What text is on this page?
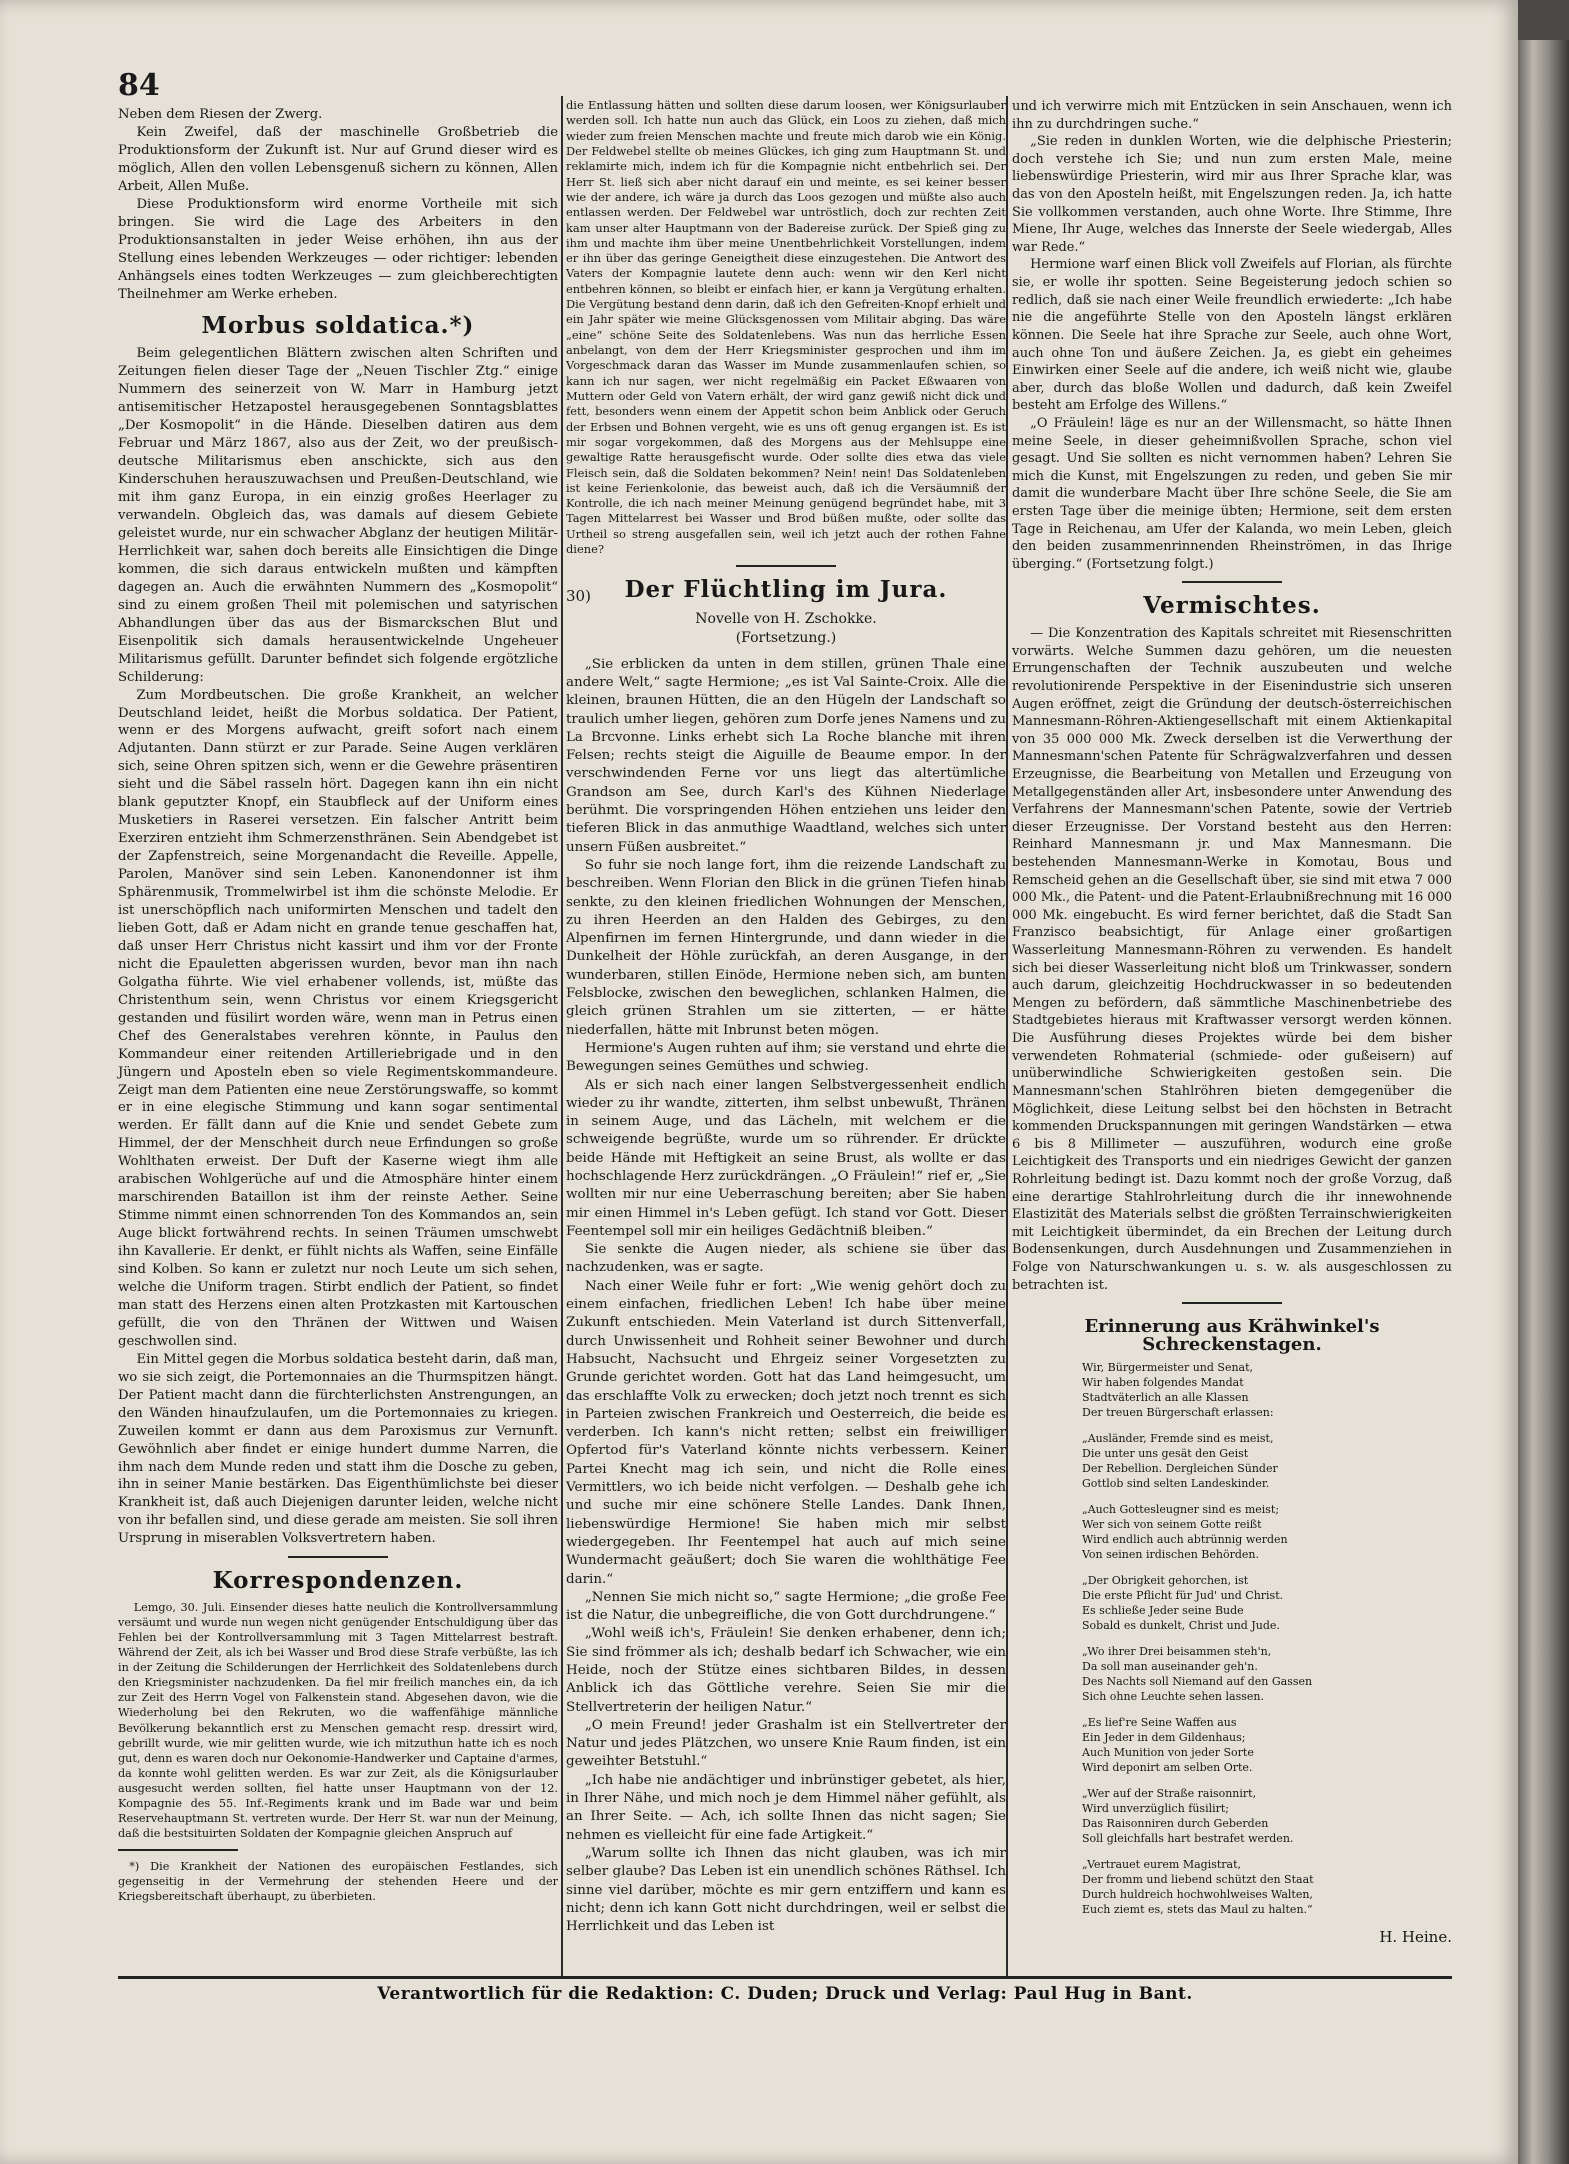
84

Neben dem Riesen der Zwerg.

Kein Zweifel, daß der maschinelle Großbetrieb die Produktionsform der Zukunft ist. Nur auf Grund dieser wird es möglich, Allen den vollen Lebensgenuß sichern zu können, Allen Arbeit, Allen Muße.

Diese Produktionsform wird enorme Vortheile mit sich bringen. Sie wird die Lage des Arbeiters in den Produktionsanstalten in jeder Weise erhöhen, ihn aus der Stellung eines lebenden Werkzeuges — oder richtiger: lebenden Anhängsels eines todten Werkzeuges — zum gleichberechtigten Theilnehmer am Werke erheben.

Morbus soldatica.*)

Beim gelegentlichen Blättern zwischen alten Schriften und Zeitungen fielen dieser Tage der „Neuen Tischler Ztg.“ einige Nummern des seinerzeit von W. Marr in Hamburg jetzt antisemitischer Hetzapostel herausgegebenen Sonntagsblattes „Der Kosmopolit“ in die Hände. Dieselben datiren aus dem Februar und März 1867, also aus der Zeit, wo der preußisch-deutsche Militarismus eben anschickte, sich aus den Kinderschuhen herauszuwachsen und Preußen-Deutschland, wie mit ihm ganz Europa, in ein einzig großes Heerlager zu verwandeln. Obgleich das, was damals auf diesem Gebiete geleistet wurde, nur ein schwacher Abglanz der heutigen Militär-Herrlichkeit war, sahen doch bereits alle Einsichtigen die Dinge kommen, die sich daraus entwickeln mußten und kämpften dagegen an. Auch die erwähnten Nummern des „Kosmopolit“ sind zu einem großen Theil mit polemischen und satyrischen Abhandlungen über das aus der Bismarckschen Blut und Eisenpolitik sich damals herausentwickelnde Ungeheuer Militarismus gefüllt. Darunter befindet sich folgende ergötzliche Schilderung:

Zum Mordbeutschen. Die große Krankheit, an welcher Deutschland leidet, heißt die Morbus soldatica. Der Patient, wenn er des Morgens aufwacht, greift sofort nach einem Adjutanten. Dann stürzt er zur Parade. Seine Augen verklären sich, seine Ohren spitzen sich, wenn er die Gewehre präsentiren sieht und die Säbel rasseln hört. Dagegen kann ihn ein nicht blank geputzter Knopf, ein Staubfleck auf der Uniform eines Musketiers in Raserei versetzen. Ein falscher Antritt beim Exerziren entzieht ihm Schmerzensthränen. Sein Abendgebet ist der Zapfenstreich, seine Morgenandacht die Reveille. Appelle, Parolen, Manöver sind sein Leben. Kanonendonner ist ihm Sphärenmusik, Trommelwirbel ist ihm die schönste Melodie. Er ist unerschöpflich nach uniformirten Menschen und tadelt den lieben Gott, daß er Adam nicht en grande tenue geschaffen hat, daß unser Herr Christus nicht kassirt und ihm vor der Fronte nicht die Epauletten abgerissen wurden, bevor man ihn nach Golgatha führte. Wie viel erhabener vollends, ist, müßte das Christenthum sein, wenn Christus vor einem Kriegsgericht gestanden und füsilirt worden wäre, wenn man in Petrus einen Chef des Generalstabes verehren könnte, in Paulus den Kommandeur einer reitenden Artilleriebrigade und in den Jüngern und Aposteln eben so viele Regimentskommandeure. Zeigt man dem Patienten eine neue Zerstörungswaffe, so kommt er in eine elegische Stimmung und kann sogar sentimental werden. Er fällt dann auf die Knie und sendet Gebete zum Himmel, der der Menschheit durch neue Erfindungen so große Wohlthaten erweist. Der Duft der Kaserne wiegt ihm alle arabischen Wohlgerüche auf und die Atmosphäre hinter einem marschirenden Bataillon ist ihm der reinste Aether. Seine Stimme nimmt einen schnorrenden Ton des Kommandos an, sein Auge blickt fortwährend rechts. In seinen Träumen umschwebt ihn Kavallerie. Er denkt, er fühlt nichts als Waffen, seine Einfälle sind Kolben. So kann er zuletzt nur noch Leute um sich sehen, welche die Uniform tragen. Stirbt endlich der Patient, so findet man statt des Herzens einen alten Protzkasten mit Kartouschen gefüllt, die von den Thränen der Wittwen und Waisen geschwollen sind.

Ein Mittel gegen die Morbus soldatica besteht darin, daß man, wo sie sich zeigt, die Portemonnaies an die Thurmspitzen hängt. Der Patient macht dann die fürchterlichsten Anstrengungen, an den Wänden hinaufzulaufen, um die Portemonnaies zu kriegen. Zuweilen kommt er dann aus dem Paroxismus zur Vernunft. Gewöhnlich aber findet er einige hundert dumme Narren, die ihm nach dem Munde reden und statt ihm die Dosche zu geben, ihn in seiner Manie bestärken. Das Eigenthümlichste bei dieser Krankheit ist, daß auch Diejenigen darunter leiden, welche nicht von ihr befallen sind, und diese gerade am meisten. Sie soll ihren Ursprung in miserablen Volksvertretern haben.

Korrespondenzen.

Lemgo, 30. Juli. Einsender dieses hatte neulich die Kontrollversammlung versäumt und wurde nun wegen nicht genügender Entschuldigung über das Fehlen bei der Kontrollversammlung mit 3 Tagen Mittelarrest bestraft. Während der Zeit, als ich bei Wasser und Brod diese Strafe verbüßte, las ich in der Zeitung die Schilderungen der Herrlichkeit des Soldatenlebens durch den Kriegsminister nachzudenken. Da fiel mir freilich manches ein, da ich zur Zeit des Herrn Vogel von Falkenstein stand. Abgesehen davon, wie die Wiederholung bei den Rekruten, wo die waffenfähige männliche Bevölkerung bekanntlich erst zu Menschen gemacht resp. dressirt wird, gebrillt wurde, wie mir gelitten wurde, wie ich mitzuthun hatte ich es noch gut, denn es waren doch nur Oekonomie-Handwerker und Captaine d'armes, da konnte wohl gelitten werden. Es war zur Zeit, als die Königsurlauber ausgesucht werden sollten, fiel hatte unser Hauptmann von der 12. Kompagnie des 55. Inf.-Regiments krank und im Bade war und beim Reservehauptmann St. vertreten wurde. Der Herr St. war nun der Meinung, daß die bestsituirten Soldaten der Kompagnie gleichen Anspruch auf

*) Die Krankheit der Nationen des europäischen Festlandes, sich gegenseitig in der Vermehrung der stehenden Heere und der Kriegsbereitschaft überhaupt, zu überbieten.

die Entlassung hätten und sollten diese darum loosen, wer Königsurlauber werden soll. Ich hatte nun auch das Glück, ein Loos zu ziehen, daß mich wieder zum freien Menschen machte und freute mich darob wie ein König. Der Feldwebel stellte ob meines Glückes, ich ging zum Hauptmann St. und reklamirte mich, indem ich für die Kompagnie nicht entbehrlich sei. Der Herr St. ließ sich aber nicht darauf ein und meinte, es sei keiner besser wie der andere, ich wäre ja durch das Loos gezogen und müßte also auch entlassen werden. Der Feldwebel war untröstlich, doch zur rechten Zeit kam unser alter Hauptmann von der Badereise zurück. Der Spieß ging zu ihm und machte ihm über meine Unentbehrlichkeit Vorstellungen, indem er ihn über das geringe Geneigtheit diese einzugestehen. Die Antwort des Vaters der Kompagnie lautete denn auch: wenn wir den Kerl nicht entbehren können, so bleibt er einfach hier, er kann ja Vergütung erhalten. Die Vergütung bestand denn darin, daß ich den Gefreiten-Knopf erhielt und ein Jahr später wie meine Glücksgenossen vom Militair abging. Das wäre „eine“ schöne Seite des Soldatenlebens. Was nun das herrliche Essen anbelangt, von dem der Herr Kriegsminister gesprochen und ihm im Vorgeschmack daran das Wasser im Munde zusammenlaufen schien, so kann ich nur sagen, wer nicht regelmäßig ein Packet Eßwaaren von Muttern oder Geld von Vatern erhält, der wird ganz gewiß nicht dick und fett, besonders wenn einem der Appetit schon beim Anblick oder Geruch der Erbsen und Bohnen vergeht, wie es uns oft genug ergangen ist. Es ist mir sogar vorgekommen, daß des Morgens aus der Mehlsuppe eine gewaltige Ratte herausgefischt wurde. Oder sollte dies etwa das viele Fleisch sein, daß die Soldaten bekommen? Nein! nein! Das Soldatenleben ist keine Ferienkolonie, das beweist auch, daß ich die Versäumniß der Kontrolle, die ich nach meiner Meinung genügend begründet habe, mit 3 Tagen Mittelarrest bei Wasser und Brod büßen mußte, oder sollte das Urtheil so streng ausgefallen sein, weil ich jetzt auch der rothen Fahne diene?

30)	Der Flüchtling im Jura.
Novelle von H. Zschokke.
(Fortsetzung.)

„Sie erblicken da unten in dem stillen, grünen Thale eine andere Welt,“ sagte Hermione; „es ist Val Sainte-Croix. Alle die kleinen, braunen Hütten, die an den Hügeln der Landschaft so traulich umher liegen, gehören zum Dorfe jenes Namens und zu La Brcvonne. Links erhebt sich La Roche blanche mit ihren Felsen; rechts steigt die Aiguille de Beaume empor. In der verschwindenden Ferne vor uns liegt das altertümliche Grandson am See, durch Karl's des Kühnen Niederlage berühmt. Die vorspringenden Höhen entziehen uns leider den tieferen Blick in das anmuthige Waadtland, welches sich unter unsern Füßen ausbreitet.“

So fuhr sie noch lange fort, ihm die reizende Landschaft zu beschreiben. Wenn Florian den Blick in die grünen Tiefen hinab senkte, zu den kleinen friedlichen Wohnungen der Menschen, zu ihren Heerden an den Halden des Gebirges, zu den Alpenfirnen im fernen Hintergrunde, und dann wieder in die Dunkelheit der Höhle zurückfah, an deren Ausgange, in der wunderbaren, stillen Einöde, Hermione neben sich, am bunten Felsblocke, zwischen den beweglichen, schlanken Halmen, die gleich grünen Strahlen um sie zitterten, — er hätte niederfallen, hätte mit Inbrunst beten mögen.

Hermione's Augen ruhten auf ihm; sie verstand und ehrte die Bewegungen seines Gemüthes und schwieg.

Als er sich nach einer langen Selbstvergessenheit endlich wieder zu ihr wandte, zitterten, ihm selbst unbewußt, Thränen in seinem Auge, und das Lächeln, mit welchem er die schweigende begrüßte, wurde um so rührender. Er drückte beide Hände mit Heftigkeit an seine Brust, als wollte er das hochschlagende Herz zurückdrängen. „O Fräulein!“ rief er, „Sie wollten mir nur eine Ueberraschung bereiten; aber Sie haben mir einen Himmel in's Leben gefügt. Ich stand vor Gott. Dieser Feentempel soll mir ein heiliges Gedächtniß bleiben.“

Sie senkte die Augen nieder, als schiene sie über das nachzudenken, was er sagte.

Nach einer Weile fuhr er fort: „Wie wenig gehört doch zu einem einfachen, friedlichen Leben! Ich habe über meine Zukunft entschieden. Mein Vaterland ist durch Sittenverfall, durch Unwissenheit und Rohheit seiner Bewohner und durch Habsucht, Nachsucht und Ehrgeiz seiner Vorgesetzten zu Grunde gerichtet worden. Gott hat das Land heimgesucht, um das erschlaffte Volk zu erwecken; doch jetzt noch trennt es sich in Parteien zwischen Frankreich und Oesterreich, die beide es verderben. Ich kann's nicht retten; selbst ein freiwilliger Opfertod für's Vaterland könnte nichts verbessern. Keiner Partei Knecht mag ich sein, und nicht die Rolle eines Vermittlers, wo ich beide nicht verfolgen. — Deshalb gehe ich und suche mir eine schönere Stelle Landes. Dank Ihnen, liebenswürdige Hermione! Sie haben mich mir selbst wiedergegeben. Ihr Feentempel hat auch auf mich seine Wundermacht geäußert; doch Sie waren die wohlthätige Fee darin.“

„Nennen Sie mich nicht so,“ sagte Hermione; „die große Fee ist die Natur, die unbegreifliche, die von Gott durchdrungene.“

„Wohl weiß ich's, Fräulein! Sie denken erhabener, denn ich; Sie sind frömmer als ich; deshalb bedarf ich Schwacher, wie ein Heide, noch der Stütze eines sichtbaren Bildes, in dessen Anblick ich das Göttliche verehre. Seien Sie mir die Stellvertreterin der heiligen Natur.“

„O mein Freund! jeder Grashalm ist ein Stellvertreter der Natur und jedes Plätzchen, wo unsere Knie Raum finden, ist ein geweihter Betstuhl.“

„Ich habe nie andächtiger und inbrünstiger gebetet, als hier, in Ihrer Nähe, und mich noch je dem Himmel näher gefühlt, als an Ihrer Seite. — Ach, ich sollte Ihnen das nicht sagen; Sie nehmen es vielleicht für eine fade Artigkeit.“

„Warum sollte ich Ihnen das nicht glauben, was ich mir selber glaube? Das Leben ist ein unendlich schönes Räthsel. Ich sinne viel darüber, möchte es mir gern entziffern und kann es nicht; denn ich kann Gott nicht durchdringen, weil er selbst die Herrlichkeit und das Leben ist

und ich verwirre mich mit Entzücken in sein Anschauen, wenn ich ihn zu durchdringen suche.“

„Sie reden in dunklen Worten, wie die delphische Priesterin; doch verstehe ich Sie; und nun zum ersten Male, meine liebenswürdige Priesterin, wird mir aus Ihrer Sprache klar, was das von den Aposteln heißt, mit Engelszungen reden. Ja, ich hatte Sie vollkommen verstanden, auch ohne Worte. Ihre Stimme, Ihre Miene, Ihr Auge, welches das Innerste der Seele wiedergab, Alles war Rede.“

Hermione warf einen Blick voll Zweifels auf Florian, als fürchte sie, er wolle ihr spotten. Seine Begeisterung jedoch schien so redlich, daß sie nach einer Weile freundlich erwiederte: „Ich habe nie die angeführte Stelle von den Aposteln längst erklären können. Die Seele hat ihre Sprache zur Seele, auch ohne Wort, auch ohne Ton und äußere Zeichen. Ja, es giebt ein geheimes Einwirken einer Seele auf die andere, ich weiß nicht wie, glaube aber, durch das bloße Wollen und dadurch, daß kein Zweifel besteht am Erfolge des Willens.“

„O Fräulein! läge es nur an der Willensmacht, so hätte Ihnen meine Seele, in dieser geheimnißvollen Sprache, schon viel gesagt. Und Sie sollten es nicht vernommen haben? Lehren Sie mich die Kunst, mit Engelszungen zu reden, und geben Sie mir damit die wunderbare Macht über Ihre schöne Seele, die Sie am ersten Tage über die meinige übten; Hermione, seit dem ersten Tage in Reichenau, am Ufer der Kalanda, wo mein Leben, gleich den beiden zusammenrinnenden Rheinströmen, in das Ihrige überging.“ (Fortsetzung folgt.)

Vermischtes.

— Die Konzentration des Kapitals schreitet mit Riesenschritten vorwärts. Welche Summen dazu gehören, um die neuesten Errungenschaften der Technik auszubeuten und welche revolutionirende Perspektive in der Eisenindustrie sich unseren Augen eröffnet, zeigt die Gründung der deutsch-österreichischen Mannesmann-Röhren-Aktiengesellschaft mit einem Aktienkapital von 35 000 000 Mk. Zweck derselben ist die Verwerthung der Mannesmann'schen Patente für Schrägwalzverfahren und dessen Erzeugnisse, die Bearbeitung von Metallen und Erzeugung von Metallgegenständen aller Art, insbesondere unter Anwendung des Verfahrens der Mannesmann'schen Patente, sowie der Vertrieb dieser Erzeugnisse. Der Vorstand besteht aus den Herren: Reinhard Mannesmann jr. und Max Mannesmann. Die bestehenden Mannesmann-Werke in Komotau, Bous und Remscheid gehen an die Gesellschaft über, sie sind mit etwa 7 000 000 Mk., die Patent- und die Patent-Erlaubnißrechnung mit 16 000 000 Mk. eingebucht. Es wird ferner berichtet, daß die Stadt San Franzisco beabsichtigt, für Anlage einer großartigen Wasserleitung Mannesmann-Röhren zu verwenden. Es handelt sich bei dieser Wasserleitung nicht bloß um Trinkwasser, sondern auch darum, gleichzeitig Hochdruckwasser in so bedeutenden Mengen zu befördern, daß sämmtliche Maschinenbetriebe des Stadtgebietes hieraus mit Kraftwasser versorgt werden können. Die Ausführung dieses Projektes würde bei dem bisher verwendeten Rohmaterial (schmiede- oder gußeisern) auf unüberwindliche Schwierigkeiten gestoßen sein. Die Mannesmann'schen Stahlröhren bieten demgegenüber die Möglichkeit, diese Leitung selbst bei den höchsten in Betracht kommenden Druckspannungen mit geringen Wandstärken — etwa 6 bis 8 Millimeter — auszuführen, wodurch eine große Leichtigkeit des Transports und ein niedriges Gewicht der ganzen Rohrleitung bedingt ist. Dazu kommt noch der große Vorzug, daß eine derartige Stahlrohrleitung durch die ihr innewohnende Elastizität des Materials selbst die größten Terrainschwierigkeiten mit Leichtigkeit übermindet, da ein Brechen der Leitung durch Bodensenkungen, durch Ausdehnungen und Zusammenziehen in Folge von Naturschwankungen u. s. w. als ausgeschlossen zu betrachten ist.

Erinnerung aus Krähwinkel's Schreckenstagen.
Wir, Bürgermeister und Senat,
Wir haben folgendes Mandat
Stadtväterlich an alle Klassen
Der treuen Bürgerschaft erlassen:
„Ausländer, Fremde sind es meist,
Die unter uns gesät den Geist
Der Rebellion. Dergleichen Sünder
Gottlob sind selten Landeskinder.
„Auch Gottesleugner sind es meist;
Wer sich von seinem Gotte reißt
Wird endlich auch abtrünnig werden
Von seinen irdischen Behörden.
„Der Obrigkeit gehorchen, ist
Die erste Pflicht für Jud' und Christ.
Es schließe Jeder seine Bude
Sobald es dunkelt, Christ und Jude.
„Wo ihrer Drei beisammen steh'n,
Da soll man auseinander geh'n.
Des Nachts soll Niemand auf den Gassen
Sich ohne Leuchte sehen lassen.
„Es lief're Seine Waffen aus
Ein Jeder in dem Gildenhaus;
Auch Munition von jeder Sorte
Wird deponirt am selben Orte.
„Wer auf der Straße raisonnirt,
Wird unverzüglich füsilirt;
Das Raisonniren durch Geberden
Soll gleichfalls hart bestrafet werden.
„Vertrauet eurem Magistrat,
Der fromm und liebend schützt den Staat
Durch huldreich hochwohlweises Walten,
Euch ziemt es, stets das Maul zu halten.“
H. Heine.
Verantwortlich für die Redaktion: C. Duden; Druck und Verlag: Paul Hug in Bant.
